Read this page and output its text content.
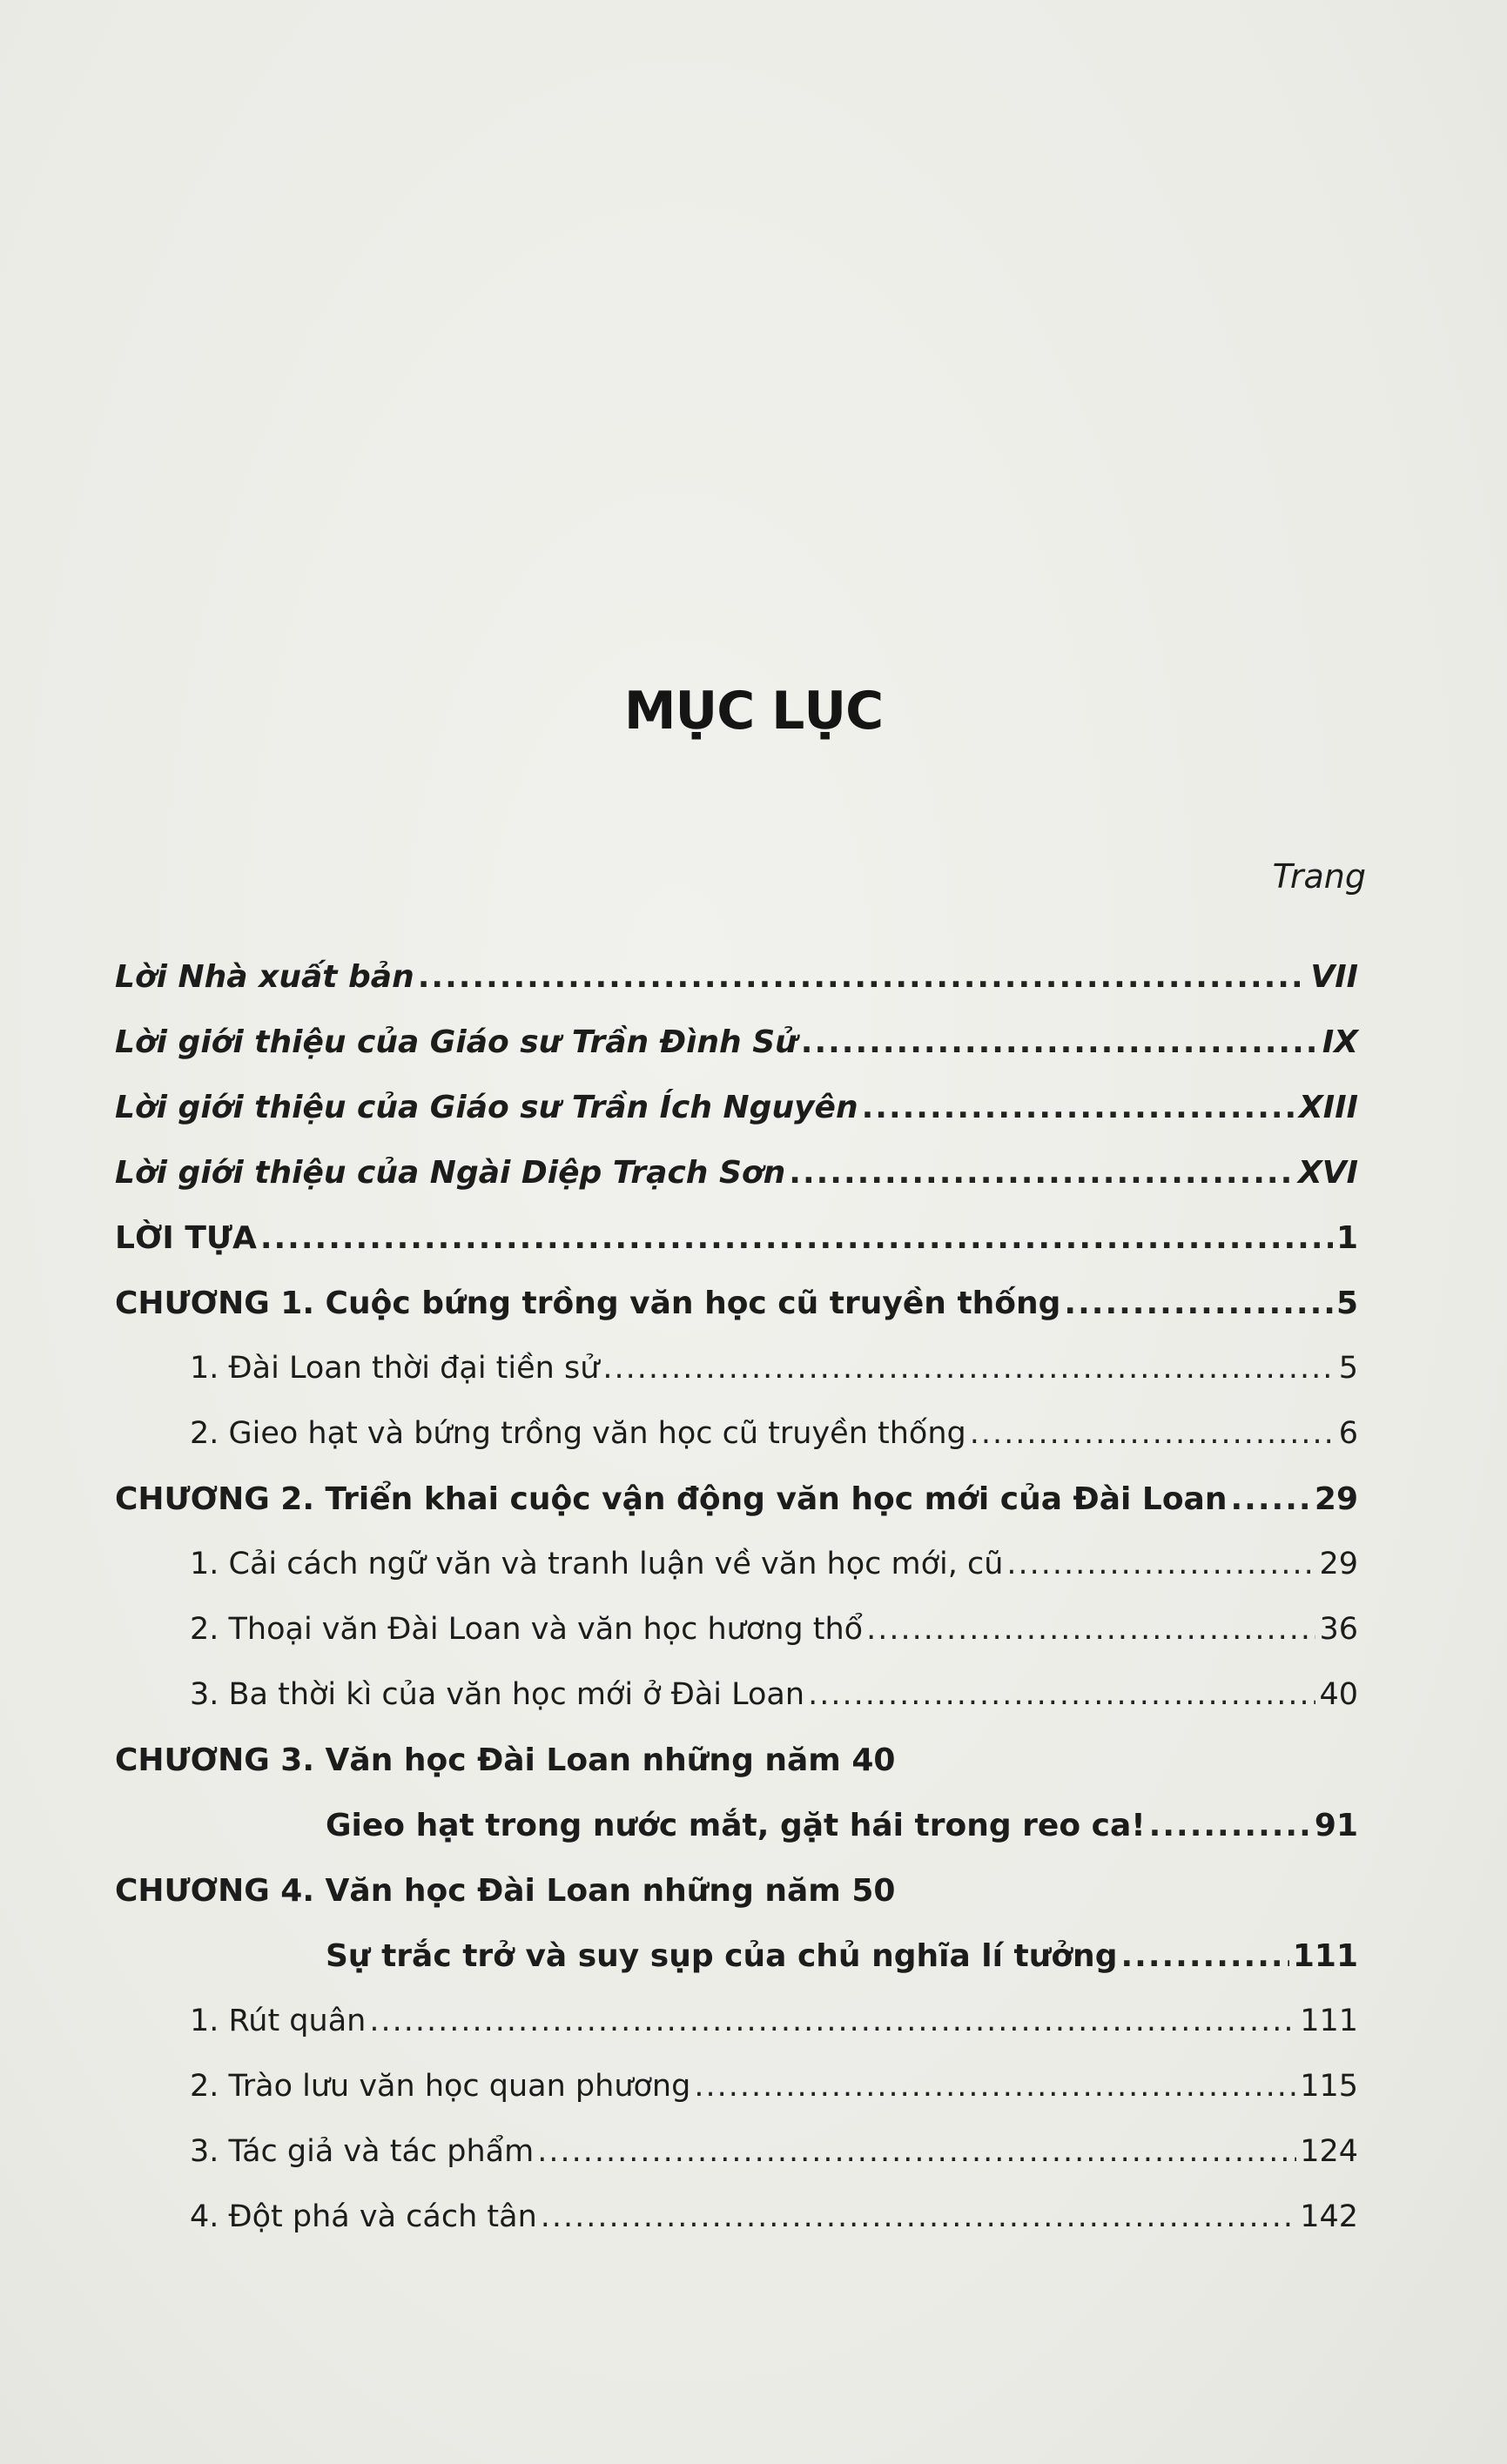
MỤC LỤC
Trang
Lời Nhà xuất bản .....	VII
Lời giới thiệu của Giáo sư Trần Đình Sử .....	IX
Lời giới thiệu của Giáo sư Trần Ích Nguyên .....	XIII
Lời giới thiệu của Ngài Diệp Trạch Sơn .....	XVI
LỜI TỰA .....	1
CHƯƠNG 1. Cuộc bứng trồng văn học cũ truyền thống .....	5
1. Đài Loan thời đại tiền sử .....	5
2. Gieo hạt và bứng trồng văn học cũ truyền thống .....	6
CHƯƠNG 2. Triển khai cuộc vận động văn học mới của Đài Loan .....	29
1. Cải cách ngữ văn và tranh luận về văn học mới, cũ .....	29
2. Thoại văn Đài Loan và văn học hương thổ .....	36
3. Ba thời kì của văn học mới ở Đài Loan .....	40
CHƯƠNG 3. Văn học Đài Loan những năm 40
Gieo hạt trong nước mắt, gặt hái trong reo ca! .....	91
CHƯƠNG 4. Văn học Đài Loan những năm 50
Sự trắc trở và suy sụp của chủ nghĩa lí tưởng .....	111
1. Rút quân .....	111
2. Trào lưu văn học quan phương .....	115
3. Tác giả và tác phẩm .....	124
4. Đột phá và cách tân .....	142
